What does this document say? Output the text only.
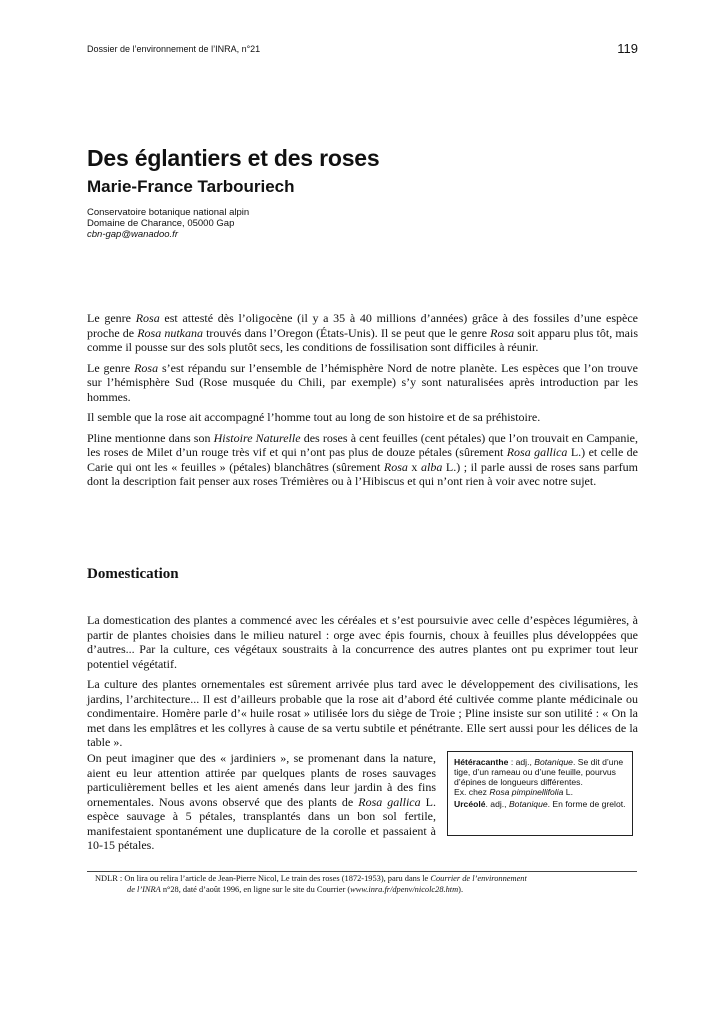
Dossier de l’environnement de l’INRA, n°21	119
Des églantiers et des roses
Marie-France Tarbouriech
Conservatoire botanique national alpin
Domaine de Charance, 05000 Gap
cbn-gap@wanadoo.fr

Le genre Rosa est attesté dès l’oligocène (il y a 35 à 40 millions d’années) grâce à des fossiles d’une espèce proche de Rosa nutkana trouvés dans l’Oregon (États-Unis). Il se peut que le genre Rosa soit apparu plus tôt, mais comme il pousse sur des sols plutôt secs, les conditions de fossilisation sont difficiles à réunir.

Le genre Rosa s’est répandu sur l’ensemble de l’hémisphère Nord de notre planète. Les espèces que l’on trouve sur l’hémisphère Sud (Rose musquée du Chili, par exemple) s’y sont naturalisées après introduction par les hommes.

Il semble que la rose ait accompagné l’homme tout au long de son histoire et de sa préhistoire.

Pline mentionne dans son Histoire Naturelle des roses à cent feuilles (cent pétales) que l’on trouvait en Campanie, les roses de Milet d’un rouge très vif et qui n’ont pas plus de douze pétales (sûrement Rosa gallica L.) et celle de Carie qui ont les « feuilles » (pétales) blanchâtres (sûrement Rosa x alba L.) ; il parle aussi de roses sans parfum dont la description fait penser aux roses Trémières ou à l’Hibiscus et qui n’ont rien à voir avec notre sujet.

Domestication

La domestication des plantes a commencé avec les céréales et s’est poursuivie avec celle d’espèces légumières, à partir de plantes choisies dans le milieu naturel : orge avec épis fournis, choux à feuilles plus développées que d’autres... Par la culture, ces végétaux soustraits à la concurrence des autres plantes ont pu exprimer tout leur potentiel végétatif.

La culture des plantes ornementales est sûrement arrivée plus tard avec le développement des civilisations, les jardins, l’architecture... Il est d’ailleurs probable que la rose ait d’abord été cultivée comme plante médicinale ou condimentaire. Homère parle d’« huile rosat » utilisée lors du siège de Troie ; Pline insiste sur son utilité : « On la met dans les emplâtres et les collyres à cause de sa vertu subtile et pénétrante. Elle sert aussi pour les délices de la table ».

On peut imaginer que des « jardiniers », se promenant dans la nature, aient eu leur attention attirée par quelques plants de roses sauvages particulièrement belles et les aient amenés dans leur jardin à des fins ornementales. Nous avons observé que des plants de Rosa gallica L. espèce sauvage à 5 pétales, transplantés dans un bon sol fertile, manifestaient spontanément une duplicature de la corolle et passaient à 10-15 pétales.

Hétéracanthe : adj., Botanique. Se dit d’une tige, d’un rameau ou d’une feuille, pourvus d’épines de longueurs différentes.
Ex. chez Rosa pimpinellifolia L.

Urcéolé. adj., Botanique. En forme de grelot.

NDLR : On lira ou relira l’article de Jean-Pierre Nicol, Le train des roses (1872-1953), paru dans le Courrier de l’environnement
de l’INRA n°28, daté d’août 1996, en ligne sur le site du Courrier (www.inra.fr/dpenv/nicolc28.htm).
